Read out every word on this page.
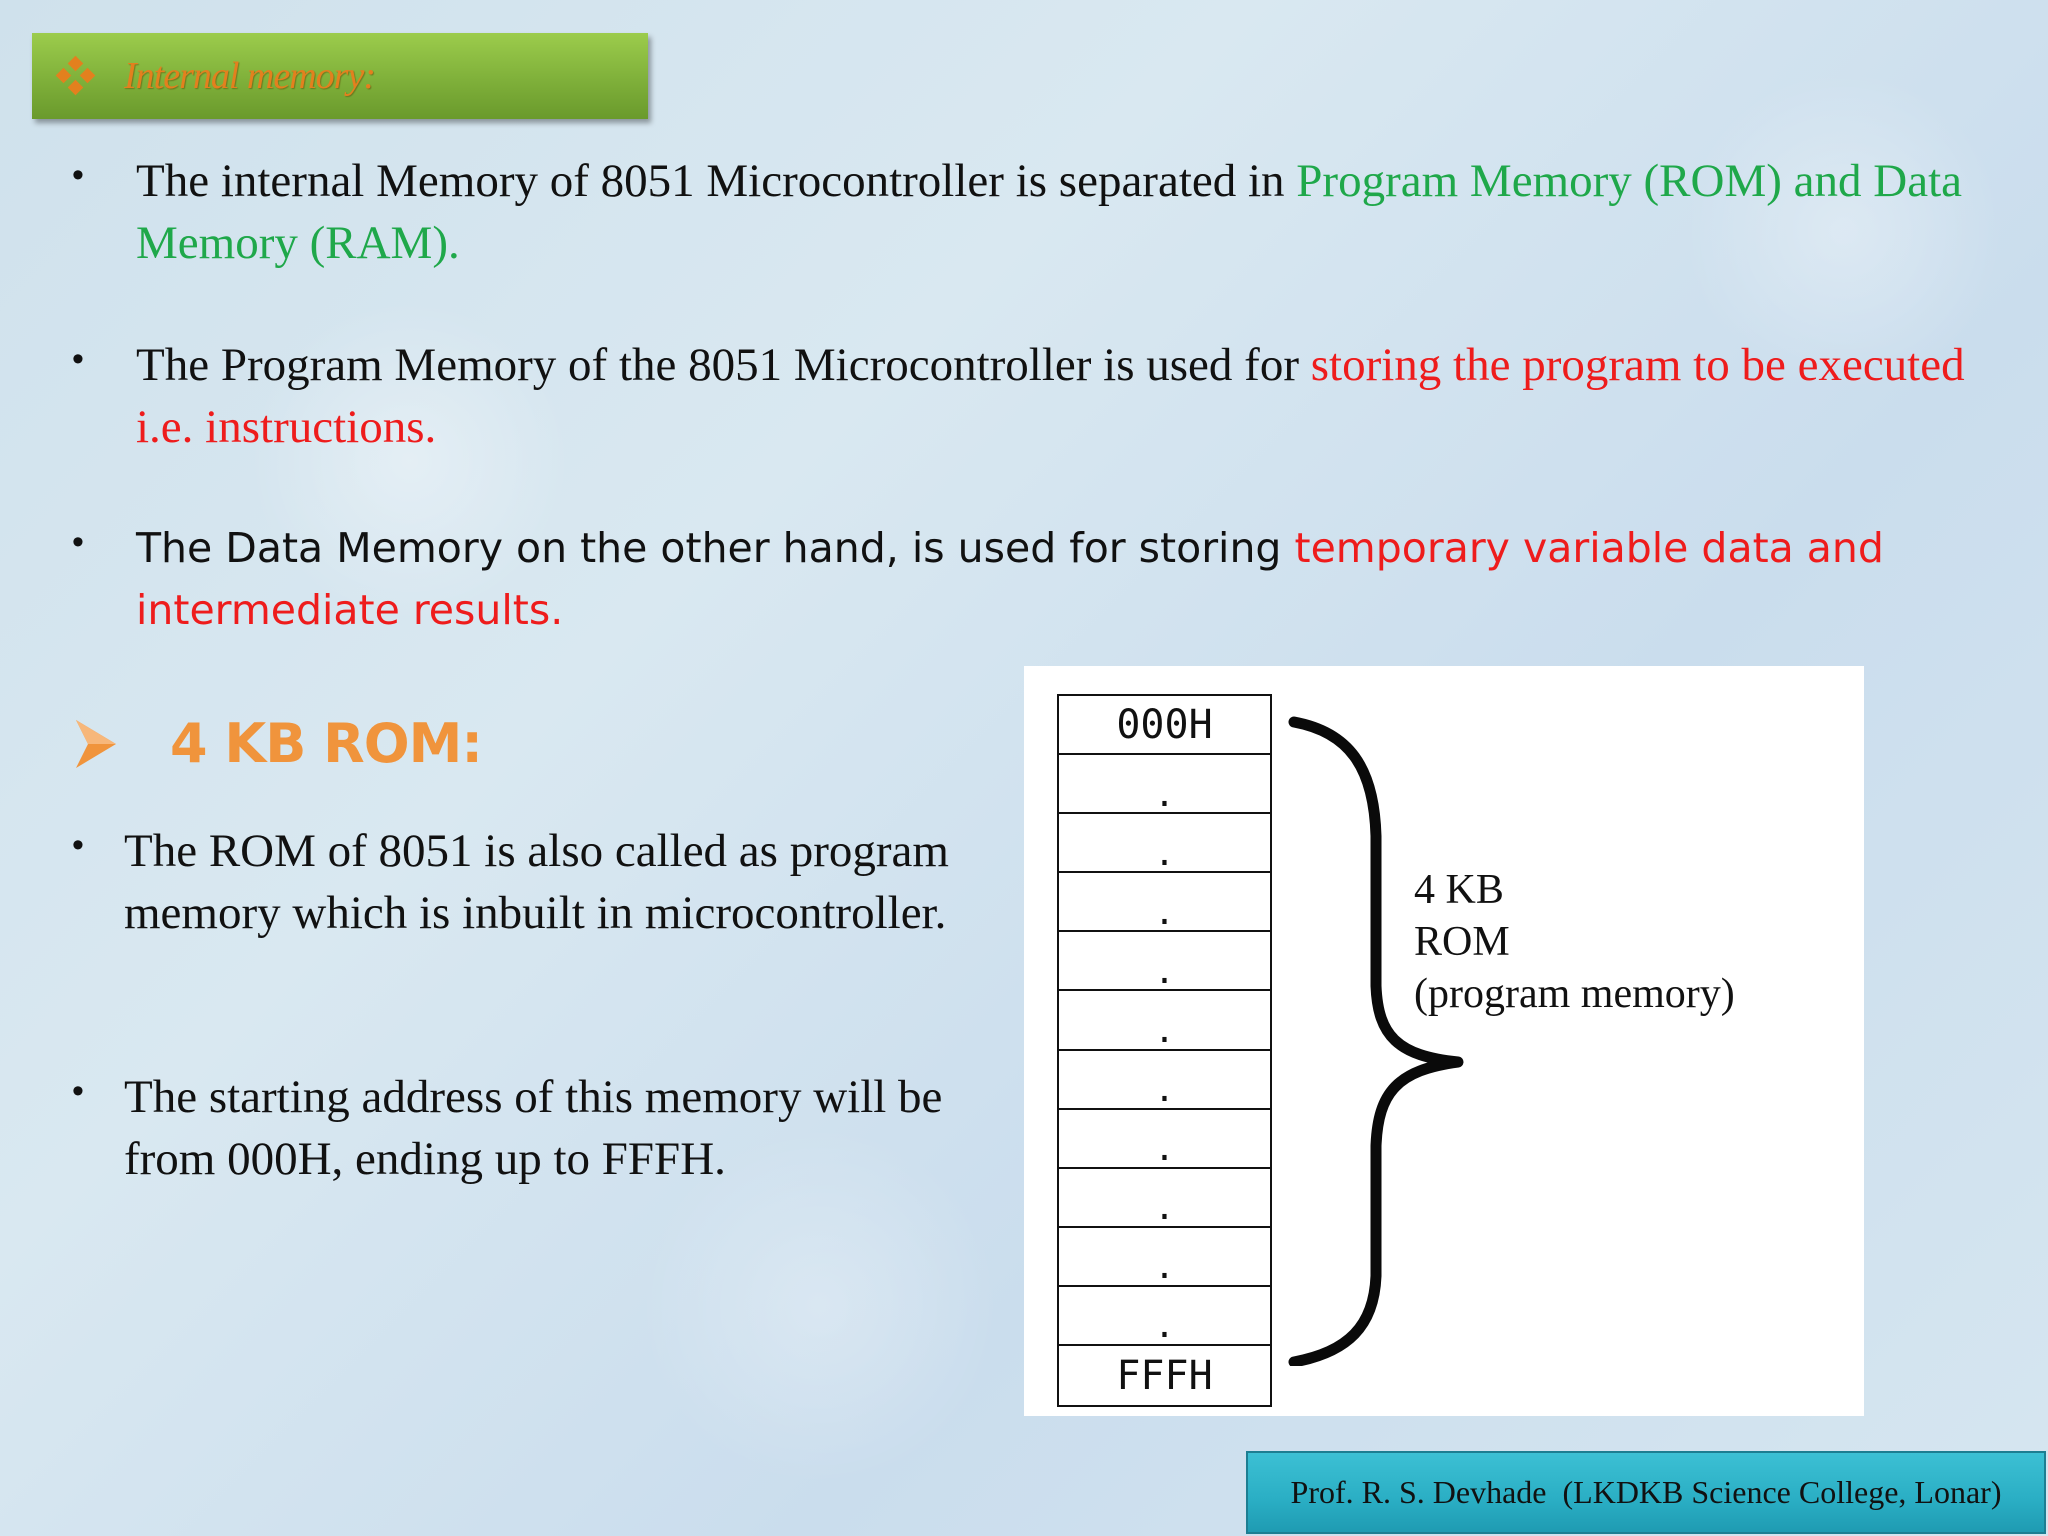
Internal memory:
• The internal Memory of 8051 Microcontroller is separated in Program Memory (ROM) and Data Memory (RAM).
• The Program Memory of the 8051 Microcontroller is used for storing the program to be executed i.e. instructions.
• The Data Memory on the other hand, is used for storing temporary variable data and intermediate results.
4 KB ROM:
• The ROM of 8051 is also called as program memory which is inbuilt in microcontroller.
• The starting address of this memory will be from 000H, ending up to FFFH.
000H
.
.
.
.
.
.
.
.
.
.
FFFH
4 KB
ROM
(program memory)
Prof. R. S. Devhade  (LKDKB Science College, Lonar)
